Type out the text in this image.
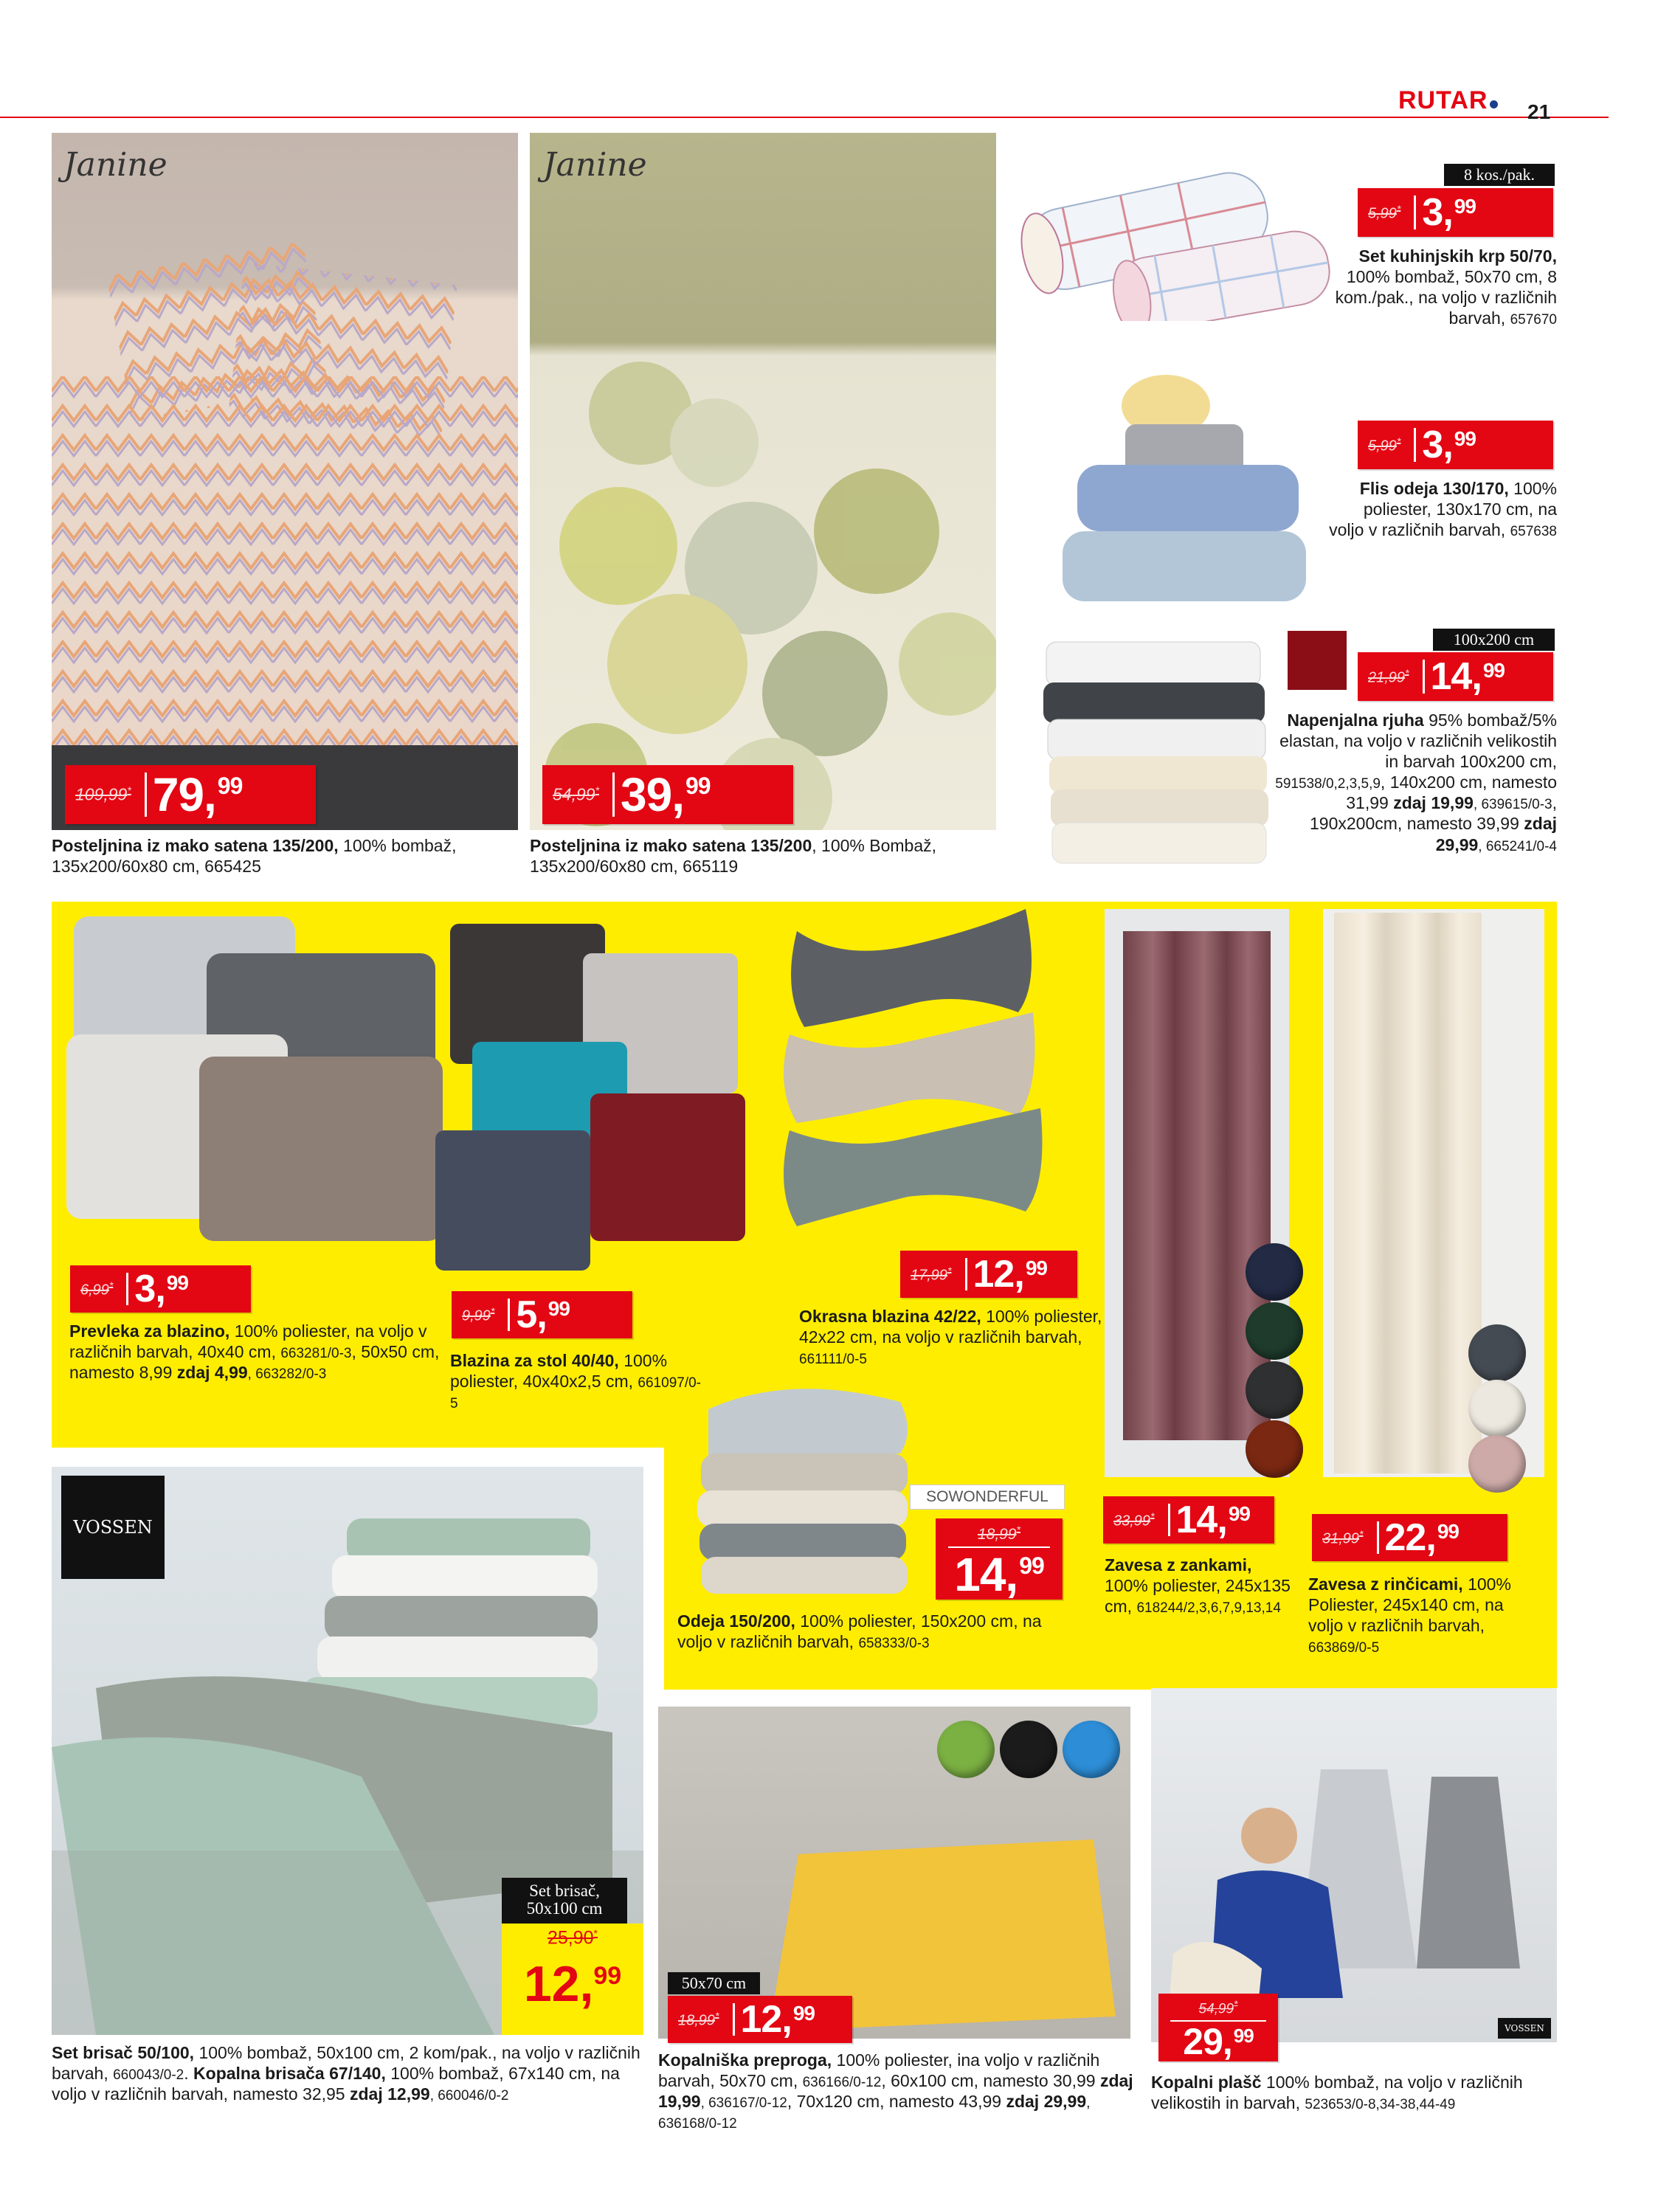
RUTAR	21
Janine
109,99* 79 , 99
Posteljnina iz mako satena 135/200, 100% bombaž, 135x200/60x80 cm, 665425
Janine
54,99* 39 , 99
Posteljnina iz mako satena 135/200, 100% Bombaž, 135x200/60x80 cm, 665119
8 kos./pak.
5,99* 3 , 99
Set kuhinjskih krp 50/70, 100% bombaž, 50x70 cm, 8 kom./pak., na voljo v različnih barvah, 657670
5,99* 3 , 99
Flis odeja 130/170, 100% poliester, 130x170 cm, na voljo v različnih barvah, 657638
100x200 cm
21,99* 14 , 99
Napenjalna rjuha 95% bombaž/5% elastan, na voljo v različnih velikostih in barvah 100x200 cm, 591538/0,2,3,5,9, 140x200 cm, namesto 31,99 zdaj 19,99, 639615/0-3, 190x200cm, namesto 39,99 zdaj 29,99, 665241/0-4
6,99* 3 , 99
Prevleka za blazino, 100% poliester, na voljo v različnih barvah, 40x40 cm, 663281/0-3, 50x50 cm, namesto 8,99 zdaj 4,99, 663282/0-3
9,99* 5 , 99
Blazina za stol 40/40, 100% poliester, 40x40x2,5 cm, 661097/0-5
17,99* 12 , 99
Okrasna blazina 42/22, 100% poliester, 42x22 cm, na voljo v različnih barvah, 661111/0-5
SOWONDERFUL
18,99*
14 , 99
Odeja 150/200, 100% poliester, 150x200 cm, na voljo v različnih barvah, 658333/0-3
33,99* 14 , 99
Zavesa z zankami, 100% poliester, 245x135 cm, 618244/2,3,6,7,9,13,14
31,99* 22 , 99
Zavesa z rinčicami, 100% Poliester, 245x140 cm, na voljo v različnih barvah, 663869/0-5
VOSSEN
Set brisač, 50x100 cm
25,90*
12 , 99
Set brisač 50/100, 100% bombaž, 50x100 cm, 2 kom/pak., na voljo v različnih barvah, 660043/0-2. Kopalna brisača 67/140, 100% bombaž, 67x140 cm, na voljo v različnih barvah, namesto 32,95 zdaj 12,99, 660046/0-2
50x70 cm
18,99* 12 , 99
Kopalniška preproga, 100% poliester, ina voljo v različnih barvah, 50x70 cm, 636166/0-12, 60x100 cm, namesto 30,99 zdaj 19,99, 636167/0-12, 70x120 cm, namesto 43,99 zdaj 29,99, 636168/0-12
VOSSEN
54,99*
29 , 99
Kopalni plašč 100% bombaž, na voljo v različnih velikostih in barvah, 523653/0-8,34-38,44-49
